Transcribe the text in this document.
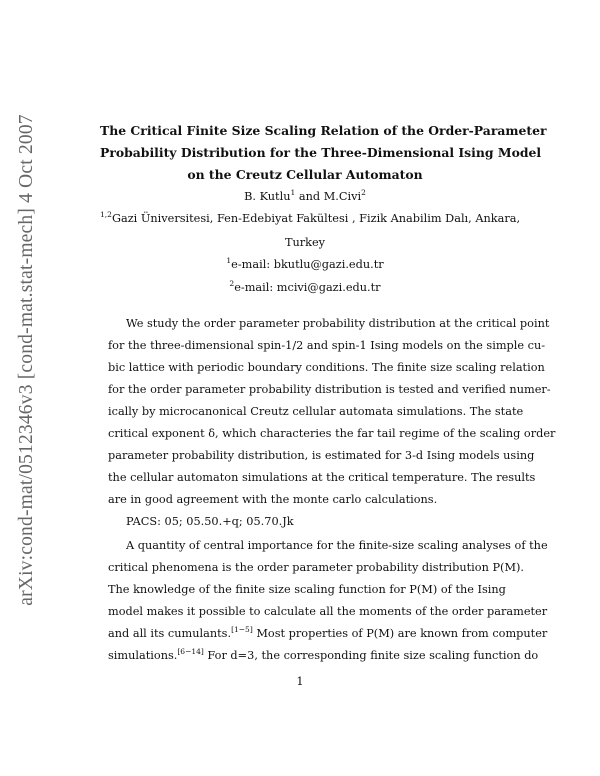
arXiv:cond-mat/0512346v3 [cond-mat.stat-mech] 4 Oct 2007	The Critical Finite Size Scaling Relation of the Order-Parameter
Probability Distribution for the Three-Dimensional Ising Model
on the Creutz Cellular Automaton
B. Kutlu$^1$ and M.Civi$^2$
$^{1,2}$Gazi Üniversitesi, Fen-Edebiyat Fakültesi , Fizik Anabilim Dalı, Ankara,
Turkey
$^1$e-mail: bkutlu@gazi.edu.tr
$^2$e-mail: mcivi@gazi.edu.tr
We study the order parameter probability distribution at the critical point
for the three-dimensional spin-1/2 and spin-1 Ising models on the simple cu-
bic lattice with periodic boundary conditions. The finite size scaling relation
for the order parameter probability distribution is tested and verified numer-
ically by microcanonical Creutz cellular automata simulations. The state
critical exponent δ, which characteries the far tail regime of the scaling order
parameter probability distribution, is estimated for 3-d Ising models using
the cellular automaton simulations at the critical temperature. The results
are in good agreement with the monte carlo calculations.
PACS: 05; 05.50.+q; 05.70.Jk
A quantity of central importance for the finite-size scaling analyses of the
critical phenomena is the order parameter probability distribution P(M).
The knowledge of the finite size scaling function for P(M) of the Ising
model makes it possible to calculate all the moments of the order parameter
and all its cumulants.[1−5] Most properties of P(M) are known from computer
simulations.[6−14] For d=3, the corresponding finite size scaling function do
1
